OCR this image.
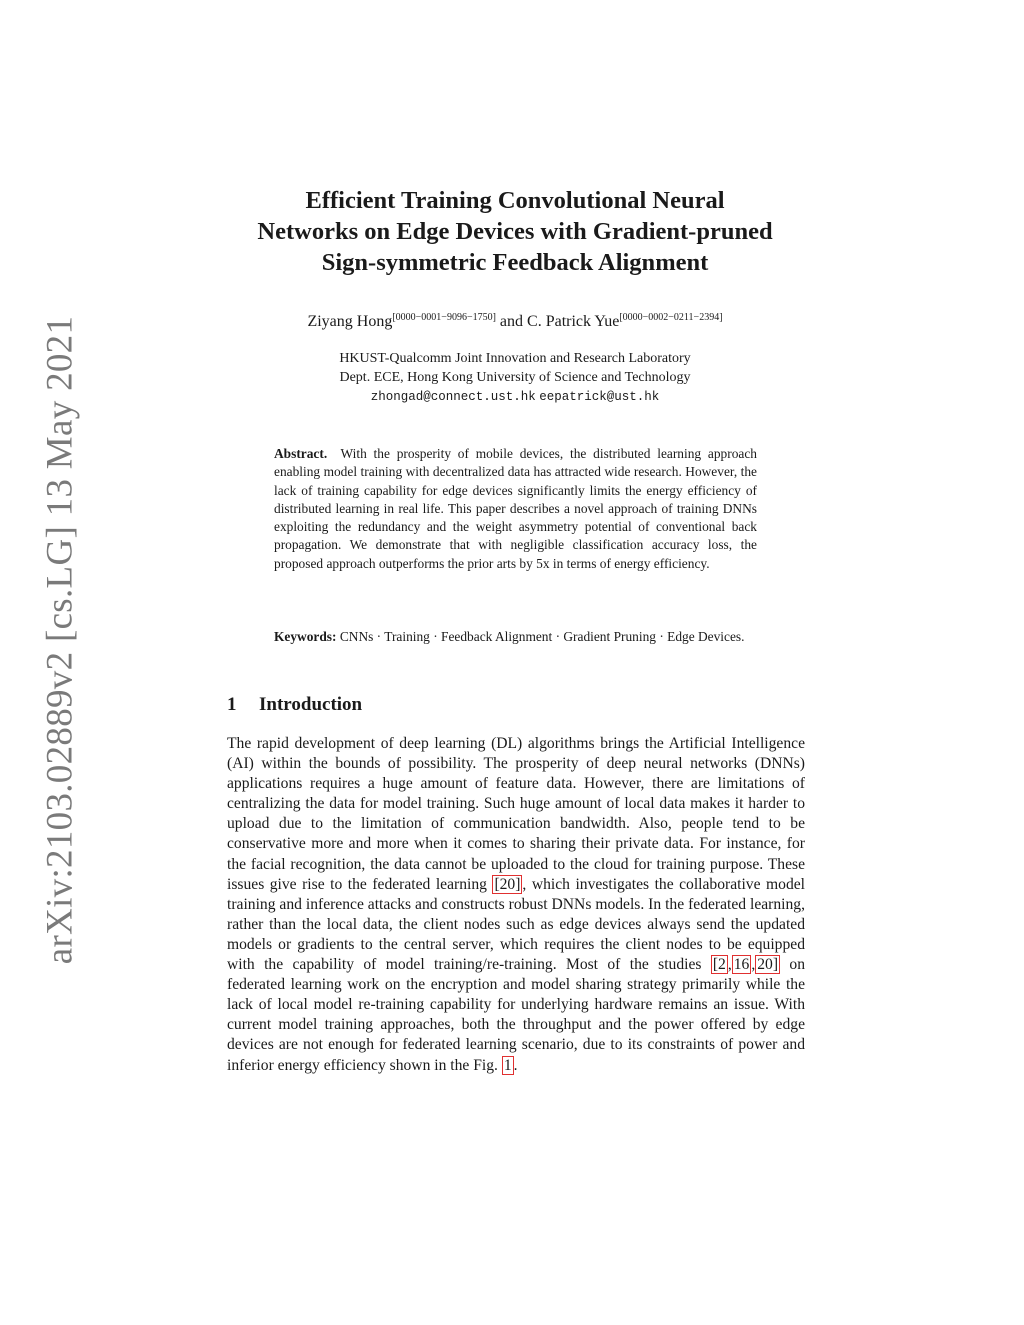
arXiv:2103.02889v2 [cs.LG] 13 May 2021
Efficient Training Convolutional Neural
Networks on Edge Devices with Gradient-pruned
Sign-symmetric Feedback Alignment
Ziyang Hong[0000−0001−9096−1750] and C. Patrick Yue[0000−0002−0211−2394]
HKUST-Qualcomm Joint Innovation and Research Laboratory
Dept. ECE, Hong Kong University of Science and Technology
zhongad@connect.ust.hk eepatrick@ust.hk
Abstract. With the prosperity of mobile devices, the distributed learning approach enabling model training with decentralized data has attracted wide research. However, the lack of training capability for edge devices significantly limits the energy efficiency of distributed learning in real life. This paper describes a novel approach of training DNNs exploiting the redundancy and the weight asymmetry potential of conventional back propagation. We demonstrate that with negligible classification accuracy loss, the proposed approach outperforms the prior arts by 5x in terms of energy efficiency.
Keywords: CNNs · Training · Feedback Alignment · Gradient Pruning · Edge Devices.
1 Introduction
The rapid development of deep learning (DL) algorithms brings the Artificial Intelligence (AI) within the bounds of possibility. The prosperity of deep neural networks (DNNs) applications requires a huge amount of feature data. However, there are limitations of centralizing the data for model training. Such huge amount of local data makes it harder to upload due to the limitation of communication bandwidth. Also, people tend to be conservative more and more when it comes to sharing their private data. For instance, for the facial recognition, the data cannot be uploaded to the cloud for training purpose. These issues give rise to the federated learning [20] , which investigates the collaborative model training and inference attacks and constructs robust DNNs models. In the federated learning, rather than the local data, the client nodes such as edge devices always send the updated models or gradients to the central server, which requires the client nodes to be equipped with the capability of model training/re-training. Most of the studies [2 , 16 , 20] on federated learning work on the encryption and model sharing strategy primarily while the lack of local model re-training capability for underlying hardware remains an issue. With current model training approaches, both the throughput and the power offered by edge devices are not enough for federated learning scenario, due to its constraints of power and inferior energy efficiency shown in the Fig. 1 .
